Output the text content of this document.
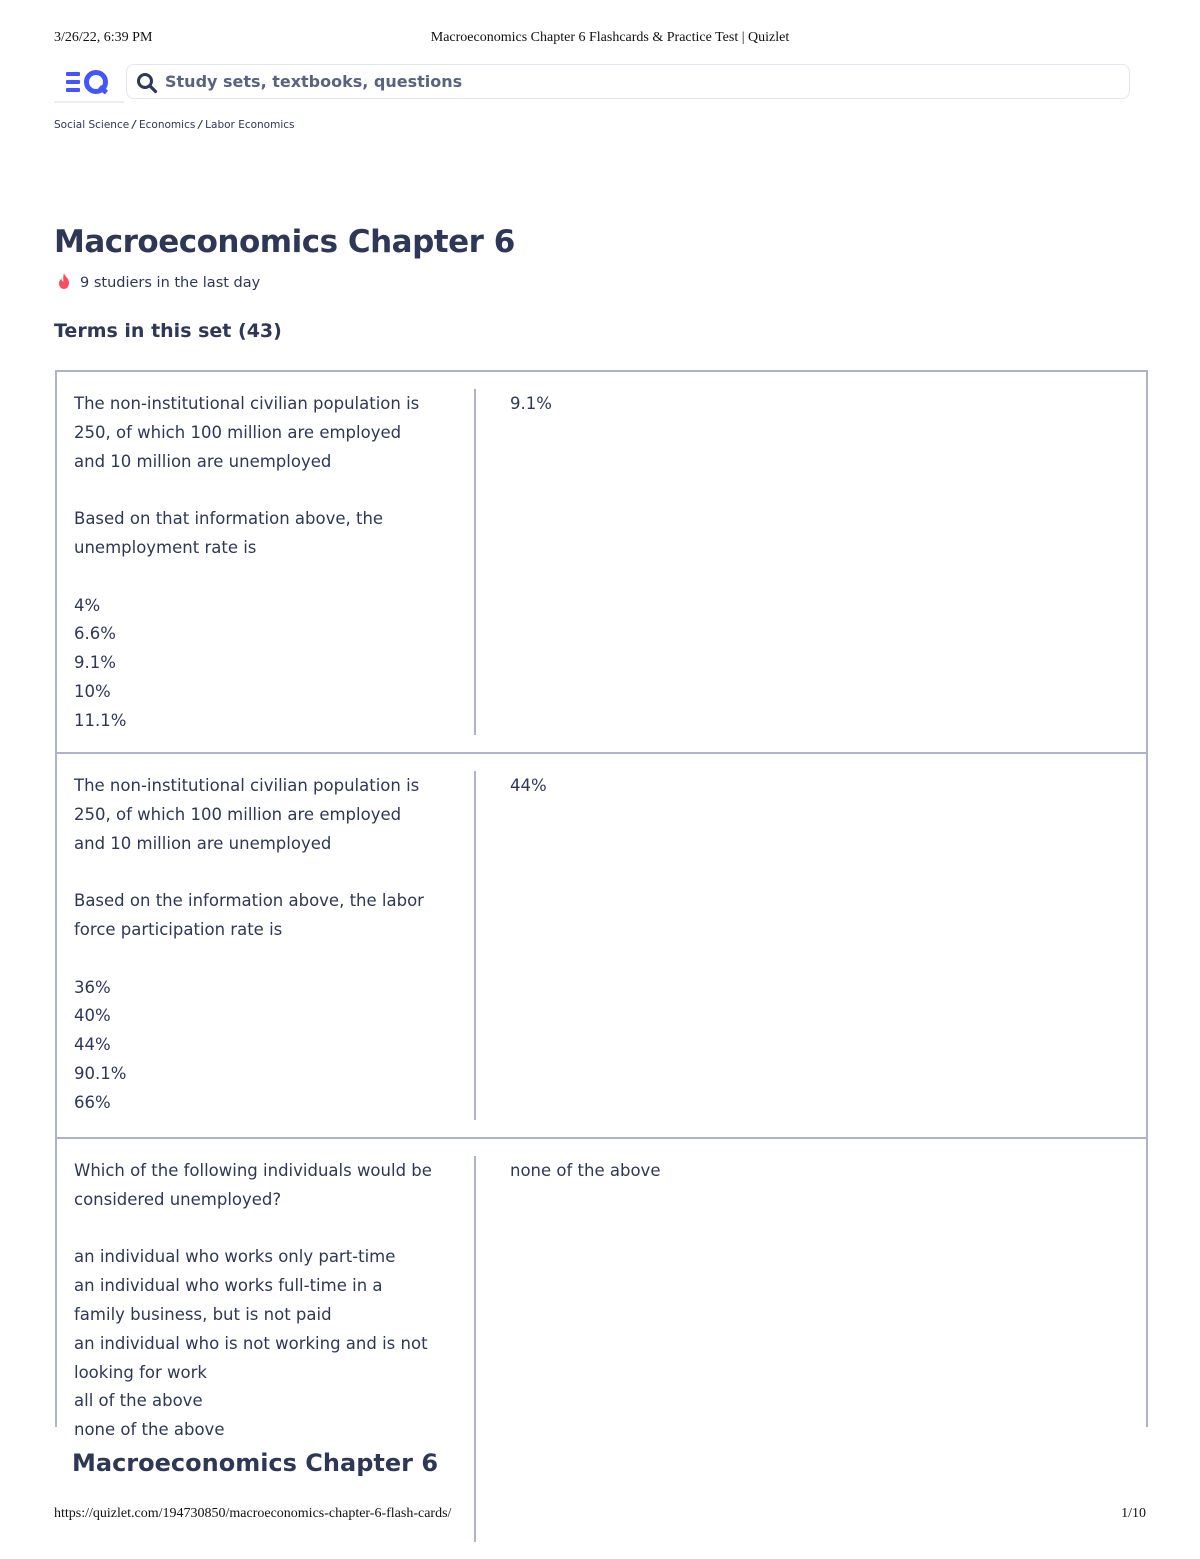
3/26/22, 6:39 PM	Macroeconomics Chapter 6 Flashcards & Practice Test | Quizlet
Study sets, textbooks, questions
Social Science / Economics / Labor Economics
Macroeconomics Chapter 6
9 studiers in the last day
Terms in this set (43)
The non-institutional civilian population is 250, of which 100 million are employed and 10 million are unemployed

Based on that information above, the unemployment rate is

4%
6.6%
9.1%
10%
11.1%
9.1%
The non-institutional civilian population is 250, of which 100 million are employed and 10 million are unemployed

Based on the information above, the labor force participation rate is

36%
40%
44%
90.1%
66%
44%
Which of the following individuals would be considered unemployed?

an individual who works only part-time
an individual who works full-time in a family business, but is not paid
an individual who is not working and is not looking for work
all of the above
none of the above
none of the above
Macroeconomics Chapter 6
https://quizlet.com/194730850/macroeconomics-chapter-6-flash-cards/	1/10
